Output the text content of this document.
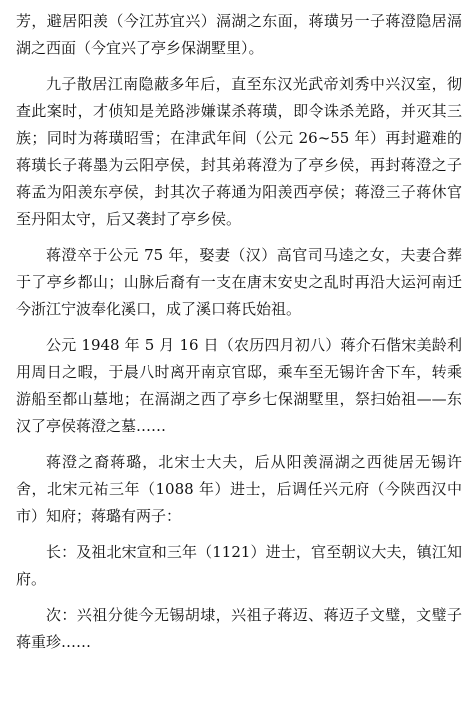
芳，避居阳羡（今江苏宜兴）滆湖之东面，蒋璜另一子蒋澄隐居滆湖之西面（今宜兴了亭乡保湖墅里）。

九子散居江南隐蔽多年后，直至东汉光武帝刘秀中兴汉室，彻查此案时，才侦知是羌路涉嫌谋杀蒋璜，即令诛杀羌路，并灭其三族；同时为蒋璜昭雪；在津武年间（公元 26~55 年）再封避难的蒋璜长子蒋墨为云阳亭侯，封其弟蒋澄为了亭乡侯，再封蒋澄之子蒋孟为阳羡东亭侯，封其次子蒋通为阳羡西亭侯；蒋澄三子蒋休官至丹阳太守，后又袭封了亭乡侯。

蒋澄卒于公元 75 年，娶妻（汉）高官司马逵之女，夫妻合葬于了亭乡都山；山脉后裔有一支在唐末安史之乱时再沿大运河南迁今浙江宁波奉化溪口，成了溪口蒋氏始祖。

公元 1948 年 5 月 16 日（农历四月初八）蒋介石偕宋美龄利用周日之暇，于晨八时离开南京官邸，乘车至无锡许舍下车，转乘游船至都山墓地；在滆湖之西了亭乡七保湖墅里，祭扫始祖——东汉了亭侯蒋澄之墓……

蒋澄之裔蒋璐，北宋士大夫，后从阳羡滆湖之西徙居无锡许舍，北宋元祐三年（1088 年）进士，后调任兴元府（今陕西汉中市）知府；蒋璐有两子：

长：及祖北宋宣和三年（1121）进士，官至朝议大夫，镇江知府。

次：兴祖分徙今无锡胡埭，兴祖子蒋迈、蒋迈子文璧，文璧子蒋重珍……
